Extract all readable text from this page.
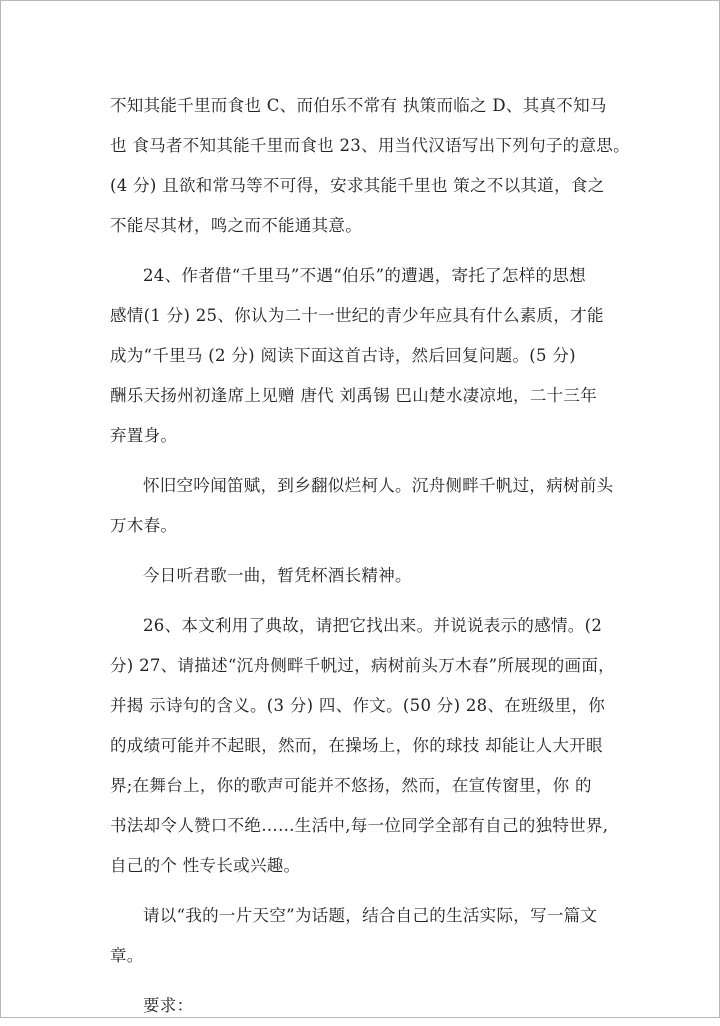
不知其能千里而食也 C、而伯乐不常有 执策而临之 D、其真不知马
也 食马者不知其能千里而食也 23、用当代汉语写出下列句子的意思。
(4 分) 且欲和常马等不可得，安求其能千里也 策之不以其道，食之
不能尽其材，鸣之而不能通其意。
24、作者借“千里马”不遇“伯乐”的遭遇，寄托了怎样的思想
感情(1 分) 25、你认为二十一世纪的青少年应具有什么素质，才能
成为“千里马 (2 分) 阅读下面这首古诗，然后回复问题。(5 分)
酬乐天扬州初逢席上见赠 唐代 刘禹锡 巴山楚水凄凉地，二十三年
弃置身。
怀旧空吟闻笛赋，到乡翻似烂柯人。沉舟侧畔千帆过，病树前头
万木春。
今日听君歌一曲，暂凭杯酒长精神。
26、本文利用了典故，请把它找出来。并说说表示的感情。(2
分) 27、请描述“沉舟侧畔千帆过，病树前头万木春”所展现的画面，
并揭 示诗句的含义。(3 分) 四、作文。(50 分) 28、在班级里，你
的成绩可能并不起眼，然而，在操场上，你的球技 却能让人大开眼
界;在舞台上，你的歌声可能并不悠扬，然而，在宣传窗里，你 的
书法却令人赞口不绝……生活中,每一位同学全部有自己的独特世界,
自己的个 性专长或兴趣。
请以“我的一片天空”为话题，结合自己的生活实际，写一篇文
章。
要求：
